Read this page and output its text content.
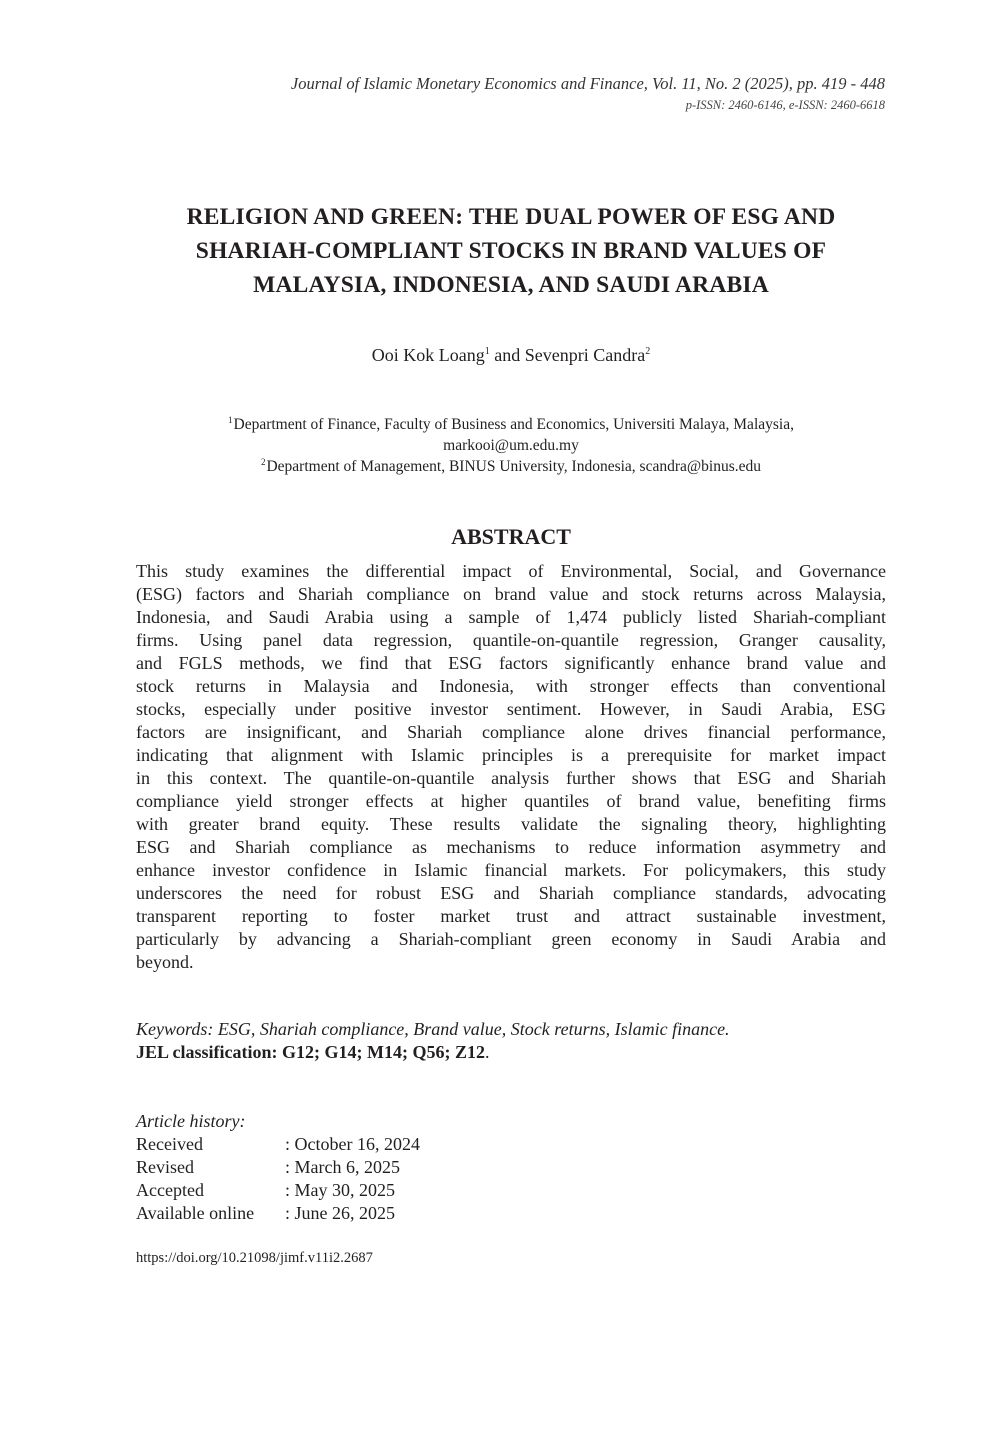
Journal of Islamic Monetary Economics and Finance, Vol. 11, No. 2 (2025), pp. 419 - 448
p-ISSN: 2460-6146, e-ISSN: 2460-6618
RELIGION AND GREEN: THE DUAL POWER OF ESG AND
SHARIAH-COMPLIANT STOCKS IN BRAND VALUES OF
MALAYSIA, INDONESIA, AND SAUDI ARABIA
Ooi Kok Loang$^1$ and Sevenpri Candra$^2$
$^1$Department of Finance, Faculty of Business and Economics, Universiti Malaya, Malaysia,
markooi@um.edu.my
$^2$Department of Management, BINUS University, Indonesia, scandra@binus.edu
ABSTRACT
This study examines the differential impact of Environmental, Social, and Governance
(ESG) factors and Shariah compliance on brand value and stock returns across Malaysia,
Indonesia, and Saudi Arabia using a sample of 1,474 publicly listed Shariah-compliant
firms. Using panel data regression, quantile-on-quantile regression, Granger causality,
and FGLS methods, we find that ESG factors significantly enhance brand value and
stock returns in Malaysia and Indonesia, with stronger effects than conventional
stocks, especially under positive investor sentiment. However, in Saudi Arabia, ESG
factors are insignificant, and Shariah compliance alone drives financial performance,
indicating that alignment with Islamic principles is a prerequisite for market impact
in this context. The quantile-on-quantile analysis further shows that ESG and Shariah
compliance yield stronger effects at higher quantiles of brand value, benefiting firms
with greater brand equity. These results validate the signaling theory, highlighting
ESG and Shariah compliance as mechanisms to reduce information asymmetry and
enhance investor confidence in Islamic financial markets. For policymakers, this study
underscores the need for robust ESG and Shariah compliance standards, advocating
transparent reporting to foster market trust and attract sustainable investment,
particularly by advancing a Shariah-compliant green economy in Saudi Arabia and
beyond.
Keywords: ESG, Shariah compliance, Brand value, Stock returns, Islamic finance.
JEL classification: G12; G14; M14; Q56; Z12.
Article history:
Received	: October 16, 2024
Revised	: March 6, 2025
Accepted	: May 30, 2025
Available online	: June 26, 2025
https://doi.org/10.21098/jimf.v11i2.2687
